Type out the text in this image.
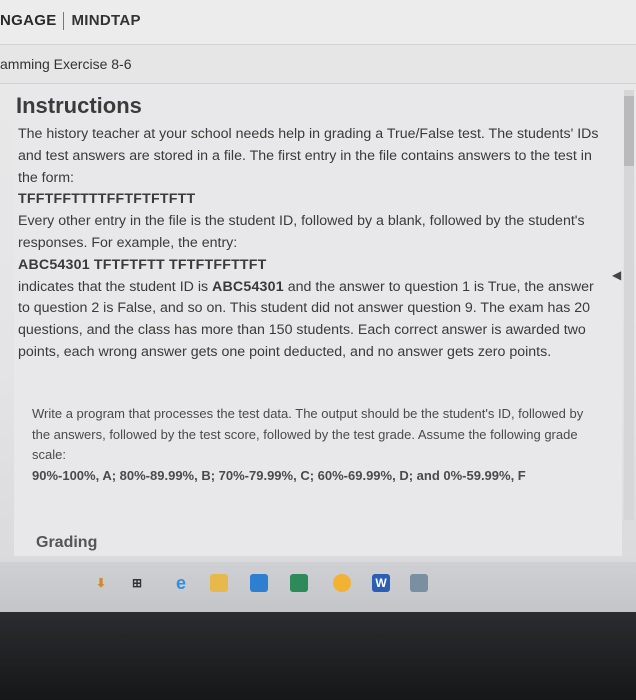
NGAGE MINDTAP
amming Exercise 8-6
Instructions
◀

The history teacher at your school needs help in grading a True/False test. The students' IDs and test answers are stored in a file. The first entry in the file contains answers to the test in the form:

TFFTFFTTTTFFTFTFTFTT

Every other entry in the file is the student ID, followed by a blank, followed by the student's responses. For example, the entry:

ABC54301 TFTFTFTT TFTFTFFTTFT

indicates that the student ID is ABC54301 and the answer to question 1 is True, the answer to question 2 is False, and so on. This student did not answer question 9. The exam has 20 questions, and the class has more than 150 students. Each correct answer is awarded two points, each wrong answer gets one point deducted, and no answer gets zero points.

Write a program that processes the test data. The output should be the student's ID, followed by the answers, followed by the test score, followed by the test grade. Assume the following grade scale:

90%-100%, A; 80%-89.99%, B; 70%-79.99%, C; 60%-69.99%, D; and 0%-59.99%, F

Grading
⬇	⊞ e	W
